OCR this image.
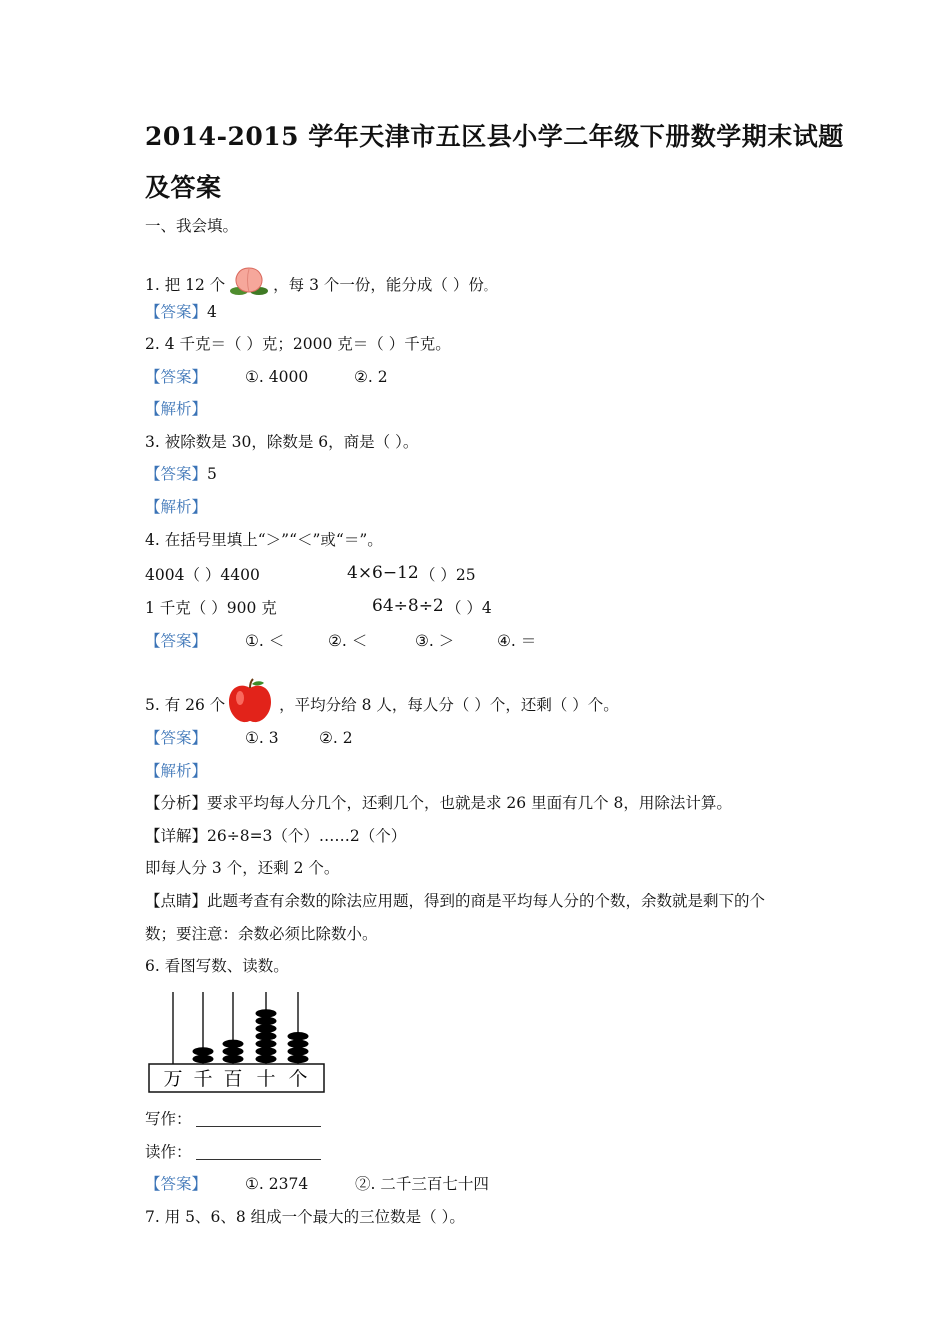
2014-2015 学年天津市五区县小学二年级下册数学期末试题
及答案
一、我会填。
1. 把 12 个	，每 3 个一份，能分成（ ）份。
【答案】4
2. 4 千克＝（ ）克；2000 克＝（ ）千克。
【答案】 ①. 4000	②. 2
【解析】
3. 被除数是 30，除数是 6，商是（ ）。
【答案】5
【解析】
4. 在括号里填上“＞”“＜”或“＝”。
4004（ ）4400	4×6−12 （ ）25
1 千克（ ）900 克	64÷8÷2 （ ）4
【答案】 ①. ＜	②. ＜	③. ＞	④. ＝
5. 有 26 个	，平均分给 8 人，每人分（ ）个，还剩（ ）个。
【答案】 ①. 3	②. 2
【解析】
【分析】要求平均每人分几个，还剩几个，也就是求 26 里面有几个 8，用除法计算。
【详解】26÷8=3（个）……2（个）
即每人分 3 个，还剩 2 个。
【点睛】此题考查有余数的除法应用题，得到的商是平均每人分的个数，余数就是剩下的个
数；要注意：余数必须比除数小。
6. 看图写数、读数。
万 千 百 十 个
写作：
读作：
【答案】 ①. 2374	②. 二千三百七十四
7. 用 5、6、8 组成一个最大的三位数是（ ）。
